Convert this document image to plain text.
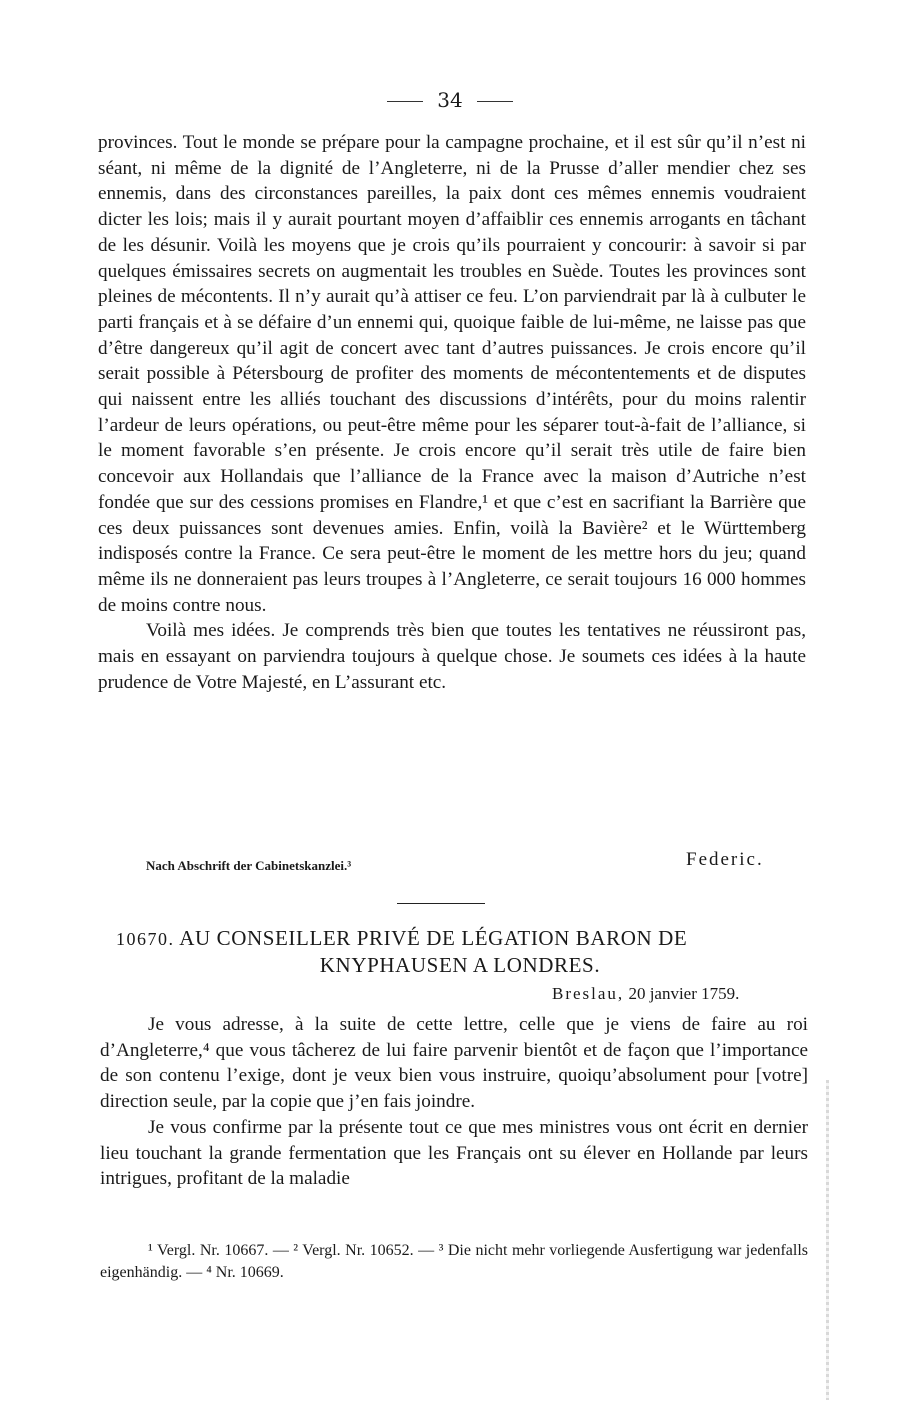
34

provinces. Tout le monde se prépare pour la campagne prochaine, et il est sûr qu’il n’est ni séant, ni même de la dignité de l’Angleterre, ni de la Prusse d’aller mendier chez ses ennemis, dans des circonstances pareilles, la paix dont ces mêmes ennemis voudraient dicter les lois; mais il y aurait pourtant moyen d’affaiblir ces ennemis arrogants en tâchant de les désunir. Voilà les moyens que je crois qu’ils pourraient y concourir: à savoir si par quelques émissaires secrets on augmentait les troubles en Suède. Toutes les provinces sont pleines de mécontents. Il n’y aurait qu’à attiser ce feu. L’on parviendrait par là à culbuter le parti français et à se défaire d’un ennemi qui, quoique faible de lui-même, ne laisse pas que d’être dangereux qu’il agit de concert avec tant d’autres puissances. Je crois encore qu’il serait possible à Pétersbourg de profiter des moments de mécontentements et de disputes qui naissent entre les alliés touchant des discussions d’intérêts, pour du moins ralentir l’ardeur de leurs opérations, ou peut-être même pour les séparer tout-à-fait de l’alliance, si le moment favorable s’en présente. Je crois encore qu’il serait très utile de faire bien concevoir aux Hollandais que l’alliance de la France avec la maison d’Autriche n’est fondée que sur des cessions promises en Flandre,¹ et que c’est en sacrifiant la Barrière que ces deux puissances sont devenues amies. Enfin, voilà la Bavière² et le Württemberg indisposés contre la France. Ce sera peut-être le moment de les mettre hors du jeu; quand même ils ne donneraient pas leurs troupes à l’Angleterre, ce serait toujours 16 000 hommes de moins contre nous.

Voilà mes idées. Je comprends très bien que toutes les tentatives ne réussiront pas, mais en essayant on parviendra toujours à quelque chose. Je soumets ces idées à la haute prudence de Votre Majesté, en L’assurant etc.

Nach Abschrift der Cabinetskanzlei.³	Federic.
10670. AU CONSEILLER PRIVÉ DE LÉGATION BARON DE
KNYPHAUSEN A LONDRES.
Breslau, 20 janvier 1759.

Je vous adresse, à la suite de cette lettre, celle que je viens de faire au roi d’Angleterre,⁴ que vous tâcherez de lui faire parvenir bientôt et de façon que l’importance de son contenu l’exige, dont je veux bien vous instruire, quoiqu’absolument pour [votre] direction seule, par la copie que j’en fais joindre.

Je vous confirme par la présente tout ce que mes ministres vous ont écrit en dernier lieu touchant la grande fermentation que les Français ont su élever en Hollande par leurs intrigues, profitant de la maladie

¹ Vergl. Nr. 10667. — ² Vergl. Nr. 10652. — ³ Die nicht mehr vorliegende Ausfertigung war jedenfalls eigenhändig. — ⁴ Nr. 10669.
